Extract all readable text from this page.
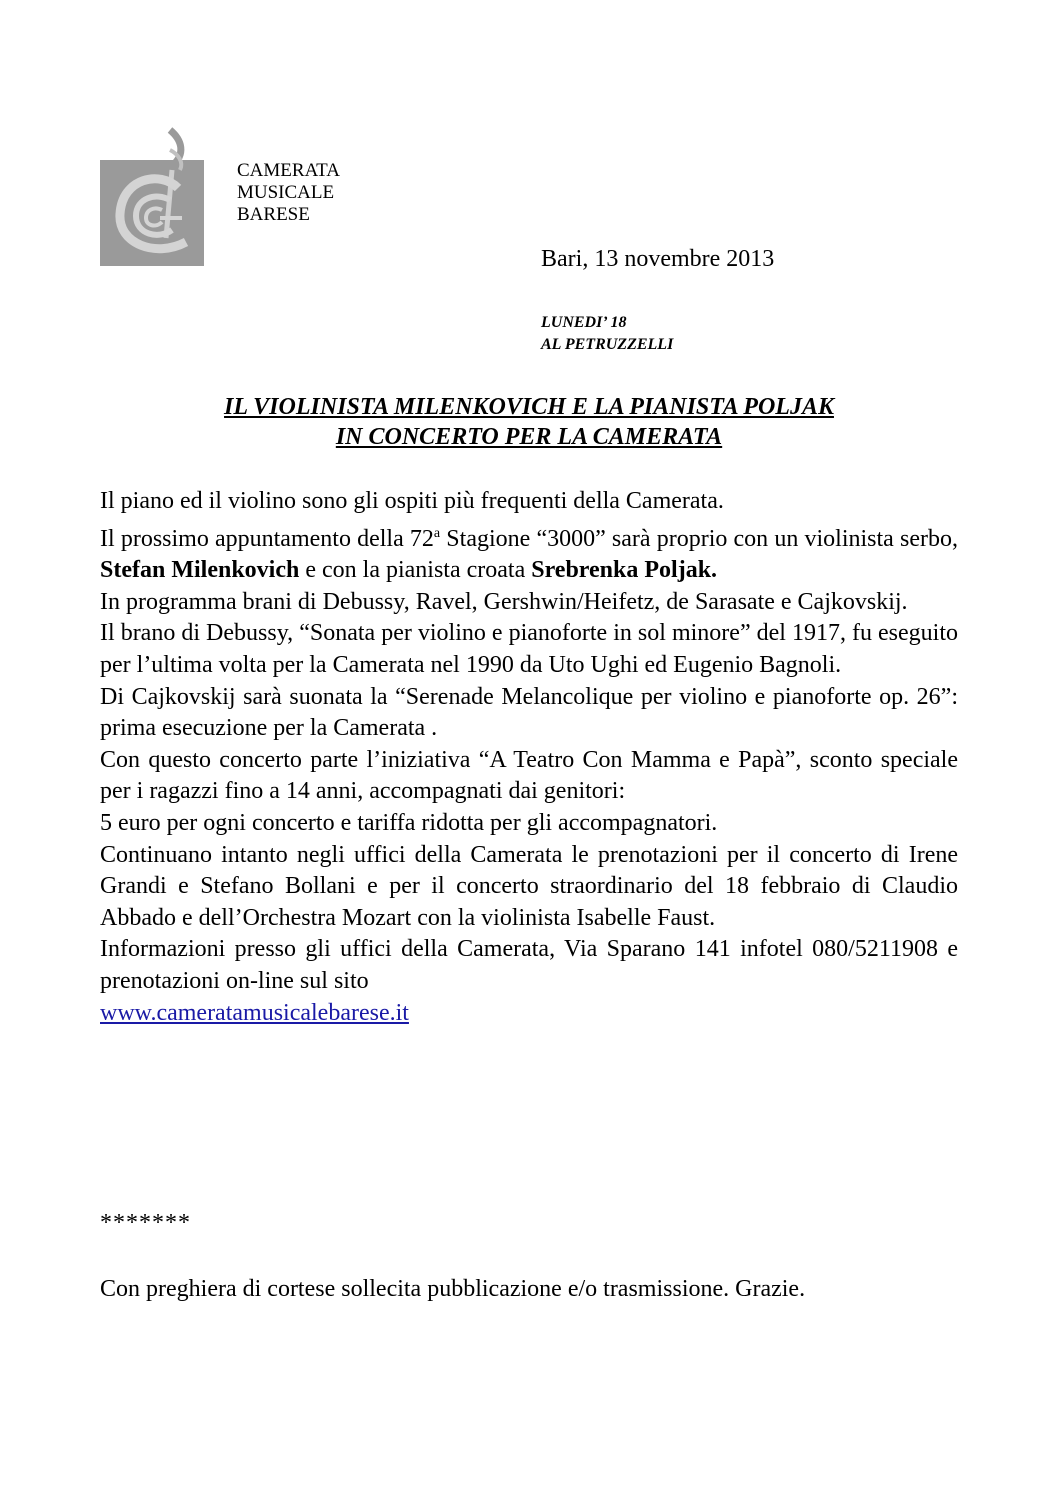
CAMERATA
MUSICALE
BARESE
Bari, 13 novembre 2013
LUNEDI’ 18
AL PETRUZZELLI
IL VIOLINISTA MILENKOVICH E LA PIANISTA POLJAK
IN CONCERTO PER LA CAMERATA

Il piano ed il violino sono gli ospiti più frequenti della Camerata.

Il prossimo appuntamento della 72$^a$ Stagione “3000” sarà proprio con un violinista serbo, Stefan Milenkovich e con la pianista croata Srebrenka Poljak.

In programma brani di Debussy, Ravel, Gershwin/Heifetz, de Sarasate e Cajkovskij.

Il brano di Debussy, “Sonata per violino e pianoforte in sol minore” del 1917, fu eseguito per l’ultima volta per la Camerata nel 1990 da Uto Ughi ed Eugenio Bagnoli.

Di Cajkovskij sarà suonata la “Serenade Melancolique per violino e pianoforte op. 26”: prima esecuzione per la Camerata .

Con questo concerto parte l’iniziativa “A Teatro Con Mamma e Papà”, sconto speciale per i ragazzi fino a 14 anni, accompagnati dai genitori:

5 euro per ogni concerto e tariffa ridotta per gli accompagnatori.

Continuano intanto negli uffici della Camerata le prenotazioni per il concerto di Irene Grandi e Stefano Bollani e per il concerto straordinario del 18 febbraio di Claudio Abbado e dell’Orchestra Mozart con la violinista Isabelle Faust.

Informazioni presso gli uffici della Camerata, Via Sparano 141 infotel 080/5211908 e prenotazioni on-line sul sito

www.cameratamusicalebarese.it

*******
Con preghiera di cortese sollecita pubblicazione e/o trasmissione. Grazie.
